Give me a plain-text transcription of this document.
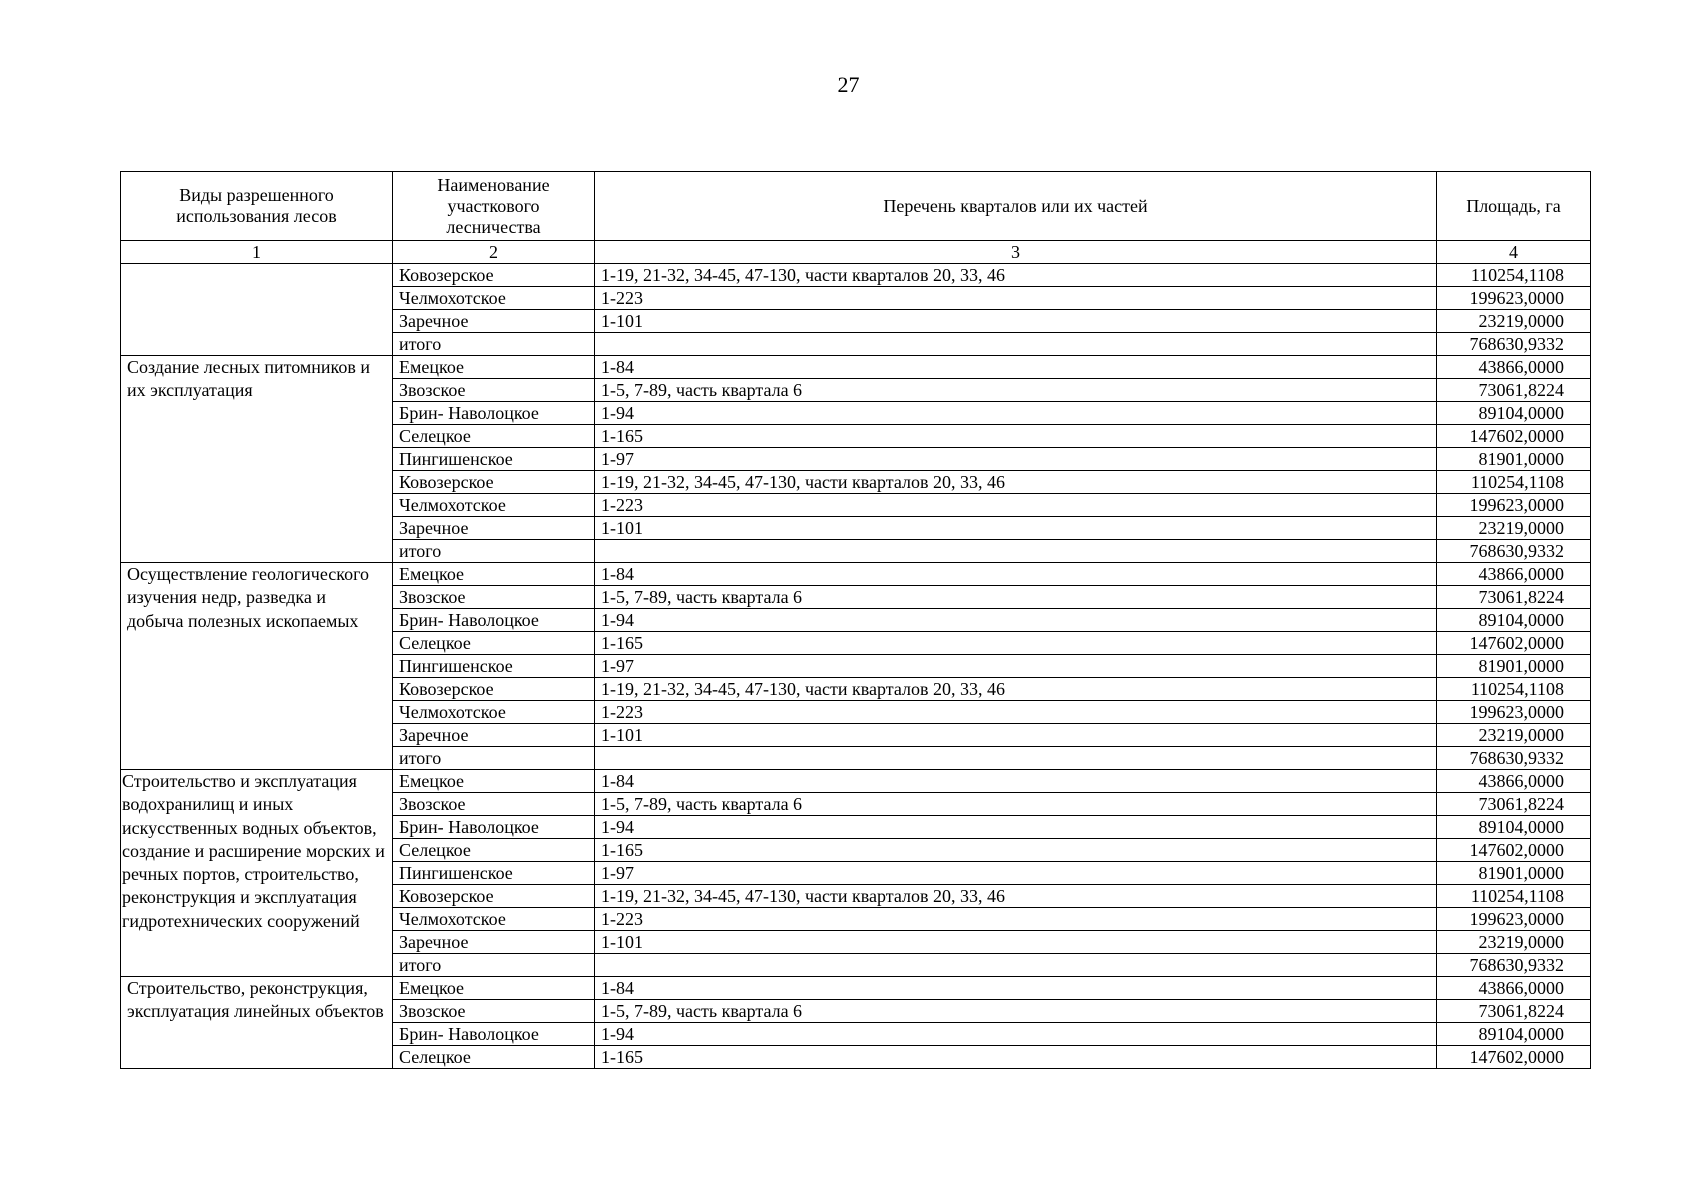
27
Виды разрешенного использования лесов	Наименование участкового лесничества	Перечень кварталов или их частей	Площадь, га
1	2	3	4
	Ковозерское	1-19, 21-32, 34-45, 47-130, части кварталов 20, 33, 46	110254,1108
	Челмохотское	1-223	199623,0000
	Заречное	1-101	23219,0000
	итого		768630,9332
Создание лесных питомников и их эксплуатация	Емецкое	1-84	43866,0000
	Звозское	1-5, 7-89, часть квартала 6	73061,8224
	Брин- Наволоцкое	1-94	89104,0000
	Селецкое	1-165	147602,0000
	Пингишенское	1-97	81901,0000
	Ковозерское	1-19, 21-32, 34-45, 47-130, части кварталов 20, 33, 46	110254,1108
	Челмохотское	1-223	199623,0000
	Заречное	1-101	23219,0000
	итого		768630,9332
Осуществление геологического изучения недр, разведка и добыча полезных ископаемых	Емецкое	1-84	43866,0000
	Звозское	1-5, 7-89, часть квартала 6	73061,8224
	Брин- Наволоцкое	1-94	89104,0000
	Селецкое	1-165	147602,0000
	Пингишенское	1-97	81901,0000
	Ковозерское	1-19, 21-32, 34-45, 47-130, части кварталов 20, 33, 46	110254,1108
	Челмохотское	1-223	199623,0000
	Заречное	1-101	23219,0000
	итого		768630,9332
Строительство и эксплуатация водохранилищ и иных искусственных водных объектов, создание и расширение морских и речных портов, строительство, реконструкция и эксплуатация гидротехнических сооружений	Емецкое	1-84	43866,0000
	Звозское	1-5, 7-89, часть квартала 6	73061,8224
	Брин- Наволоцкое	1-94	89104,0000
	Селецкое	1-165	147602,0000
	Пингишенское	1-97	81901,0000
	Ковозерское	1-19, 21-32, 34-45, 47-130, части кварталов 20, 33, 46	110254,1108
	Челмохотское	1-223	199623,0000
	Заречное	1-101	23219,0000
	итого		768630,9332
Строительство, реконструкция, эксплуатация линейных объектов	Емецкое	1-84	43866,0000
	Звозское	1-5, 7-89, часть квартала 6	73061,8224
	Брин- Наволоцкое	1-94	89104,0000
	Селецкое	1-165	147602,0000
